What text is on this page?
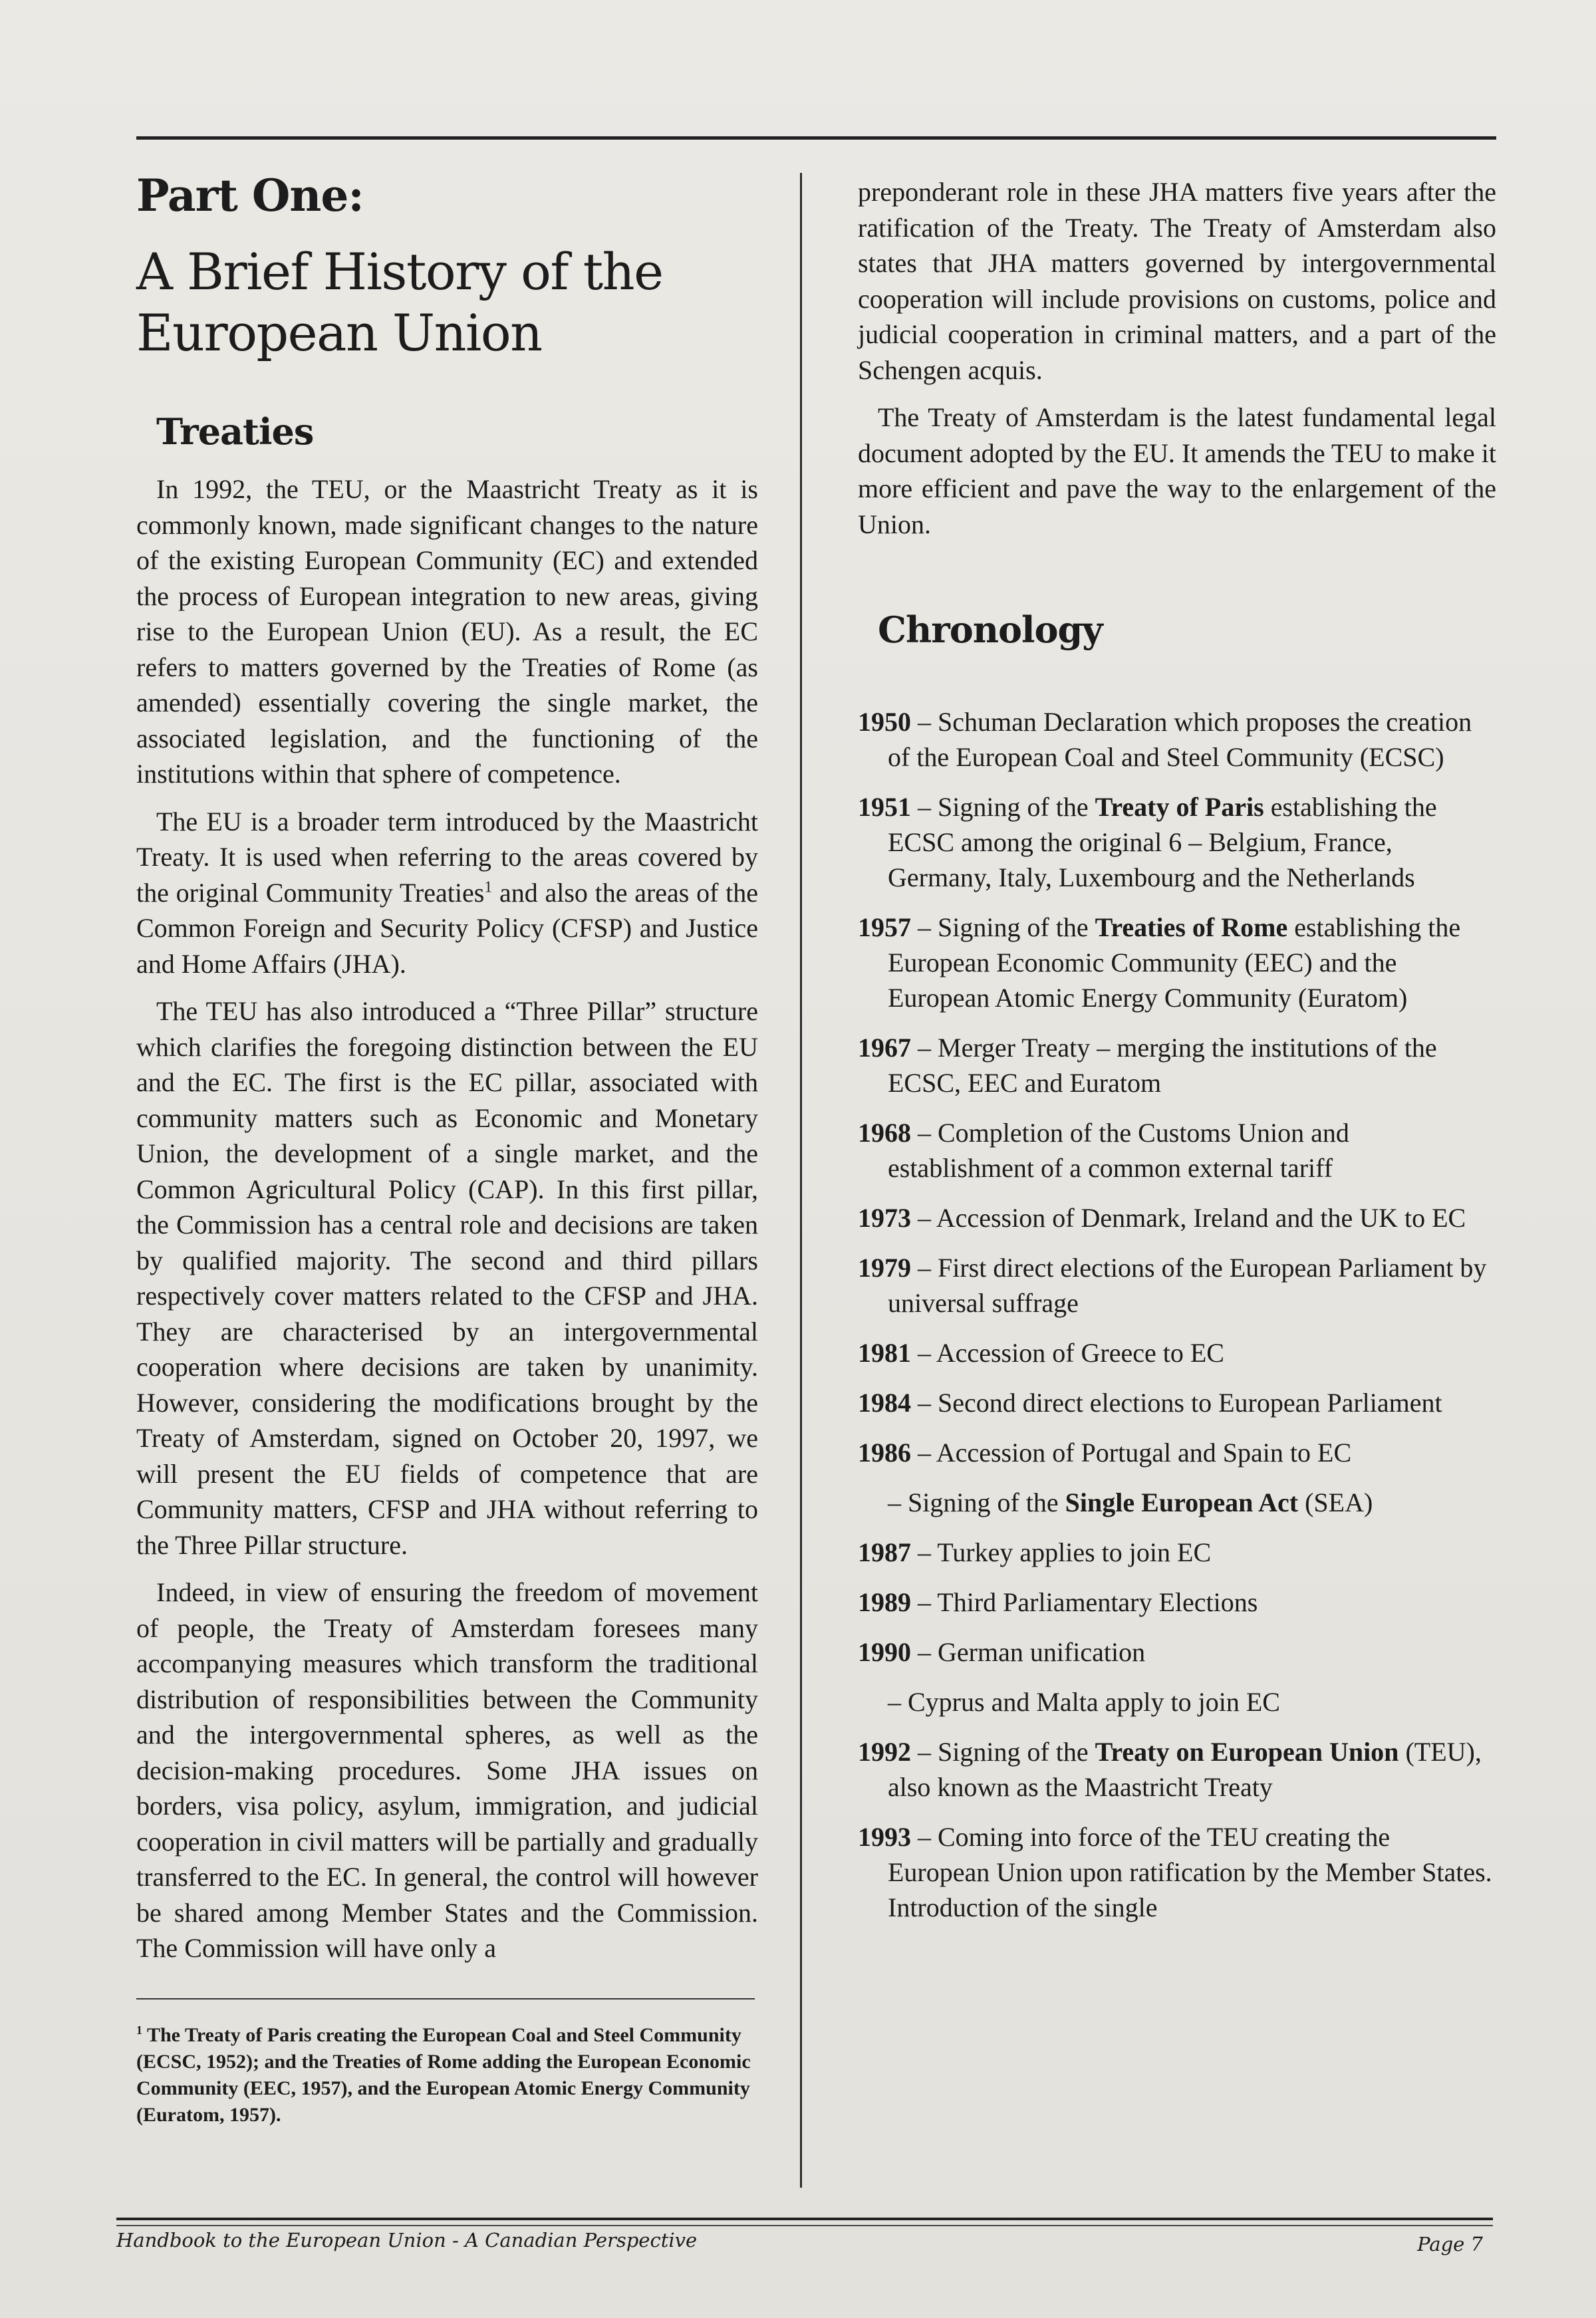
Part One:
A Brief History of the European Union
Treaties

In 1992, the TEU, or the Maastricht Treaty as it is commonly known, made significant changes to the nature of the existing European Community (EC) and extended the process of European integration to new areas, giving rise to the European Union (EU). As a result, the EC refers to matters governed by the Treaties of Rome (as amended) essentially covering the single market, the associated legislation, and the functioning of the institutions within that sphere of competence.

The EU is a broader term introduced by the Maastricht Treaty. It is used when referring to the areas covered by the original Community Treaties$^1$ and also the areas of the Common Foreign and Security Policy (CFSP) and Justice and Home Affairs (JHA).

The TEU has also introduced a “Three Pillar” structure which clarifies the foregoing distinction between the EU and the EC. The first is the EC pillar, associated with community matters such as Economic and Monetary Union, the development of a single market, and the Common Agricultural Policy (CAP). In this first pillar, the Commission has a central role and decisions are taken by qualified majority. The second and third pillars respectively cover matters related to the CFSP and JHA. They are characterised by an intergovernmental cooperation where decisions are taken by unanimity. However, considering the modifications brought by the Treaty of Amsterdam, signed on October 20, 1997, we will present the EU fields of competence that are Community matters, CFSP and JHA without referring to the Three Pillar structure.

Indeed, in view of ensuring the freedom of movement of people, the Treaty of Amsterdam foresees many accompanying measures which transform the traditional distribution of responsibilities between the Community and the intergovernmental spheres, as well as the decision-making procedures. Some JHA issues on borders, visa policy, asylum, immigration, and judicial cooperation in civil matters will be partially and gradually transferred to the EC. In general, the control will however be shared among Member States and the Commission. The Commission will have only a

$^1$ The Treaty of Paris creating the European Coal and Steel Community (ECSC, 1952); and the Treaties of Rome adding the European Economic Community (EEC, 1957), and the European Atomic Energy Community (Euratom, 1957).

preponderant role in these JHA matters five years after the ratification of the Treaty. The Treaty of Amsterdam also states that JHA matters governed by intergovernmental cooperation will include provisions on customs, police and judicial cooperation in criminal matters, and a part of the Schengen acquis.

The Treaty of Amsterdam is the latest fundamental legal document adopted by the EU. It amends the TEU to make it more efficient and pave the way to the enlargement of the Union.

Chronology
1950 – Schuman Declaration which proposes the creation of the European Coal and Steel Community (ECSC)
1951 – Signing of the Treaty of Paris establishing the ECSC among the original 6 – Belgium, France, Germany, Italy, Luxembourg and the Netherlands
1957 – Signing of the Treaties of Rome establishing the European Economic Community (EEC) and the European Atomic Energy Community (Euratom)
1967 – Merger Treaty – merging the institutions of the ECSC, EEC and Euratom
1968 – Completion of the Customs Union and establishment of a common external tariff
1973 – Accession of Denmark, Ireland and the UK to EC
1979 – First direct elections of the European Parliament by universal suffrage
1981 – Accession of Greece to EC
1984 – Second direct elections to European Parliament
1986 – Accession of Portugal and Spain to EC
– Signing of the Single European Act (SEA)
1987 – Turkey applies to join EC
1989 – Third Parliamentary Elections
1990 – German unification
– Cyprus and Malta apply to join EC
1992 – Signing of the Treaty on European Union (TEU), also known as the Maastricht Treaty
1993 – Coming into force of the TEU creating the European Union upon ratification by the Member States. Introduction of the single
Handbook to the European Union - A Canadian Perspective	Page 7
